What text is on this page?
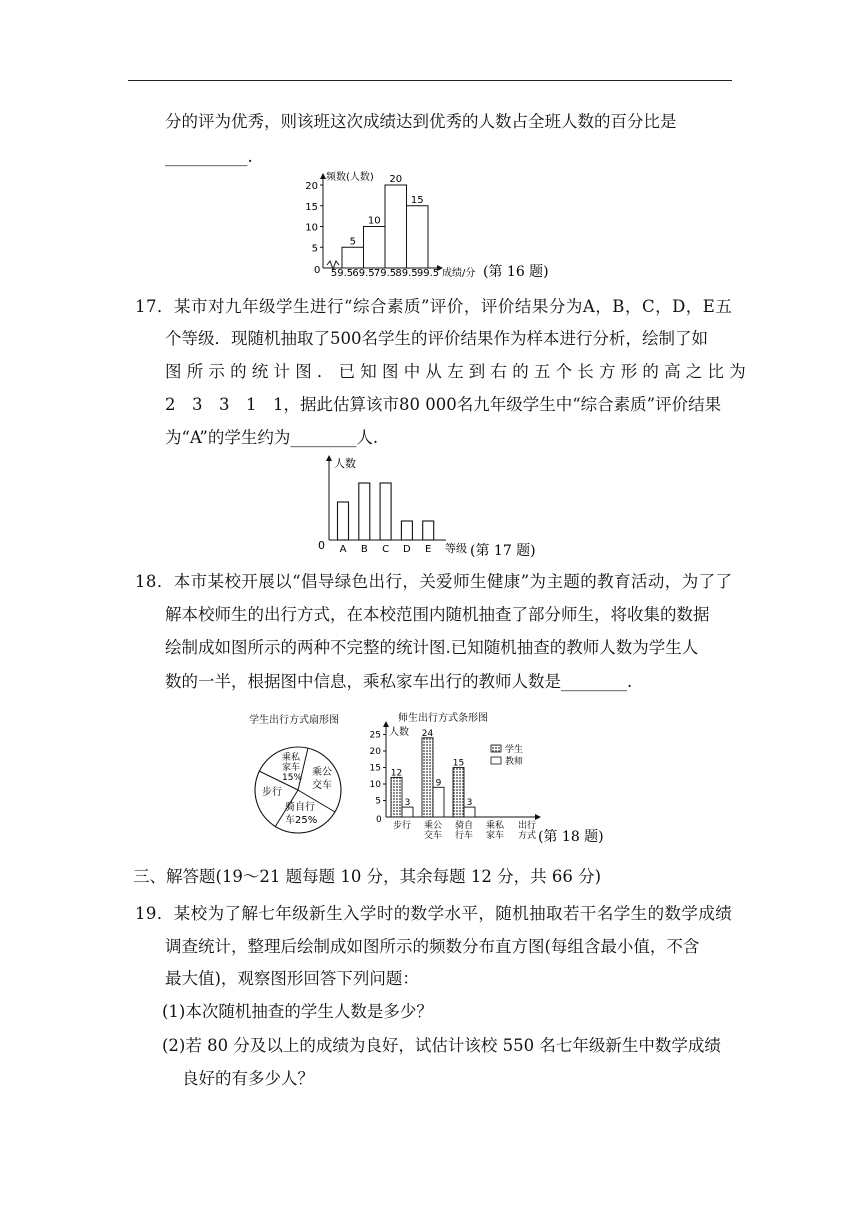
分的评为优秀，则该班这次成绩达到优秀的人数占全班人数的百分比是
__________.
频数(人数)
0
5
10
15
20
5
10
20
15
59.5 69.5 79.5 89.5 99.5 成绩/分 (第 16 题)
1 7 ． 某 市 对 九 年 级 学 生 进 行 “ 综 合 素 质 ” 评 价 ， 评 价 结 果 分 为 A ， B ， C ， D ， E 五
个等级．现随机抽取了500名学生的评价结果作为样本进行分析，绘制了如
图所示的统计图．已知图中从左到右的五个长方形的高之比为
2　3　3　1　1，据此估算该市80 000名九年级学生中“综合素质”评价结果
为“A”的学生约为________人.
人数
0 A B C D E 等级 (第 17 题)
1 8 ． 本 市 某 校 开 展 以 “ 倡 导 绿 色 出 行 ， 关 爱 师 生 健 康 ” 为 主 题 的 教 育 活 动 ， 为 了 了
解本校师生的出行方式，在本校范围内随机抽查了部分师生，将收集的数据
绘制成如图所示的两种不完整的统计图.已知随机抽查的教师人数为学生人
数的一半，根据图中信息，乘私家车出行的教师人数是________.
学生出行方式扇形图
乘公
交车
乘私
家车
15%
步行
骑自行
车25%
师生出行方式条形图
人数
0
5
10
15
20
25
12
3
24
9
15
3
步行 乘公交车
骑自行车
乘私家车
出行
方式
学生
教师
(第 18 题)
三、解答题(19～21 题每题 10 分，其余每题 12 分，共 66 分)
1 9 ． 某 校 为 了 解 七 年 级 新 生 入 学 时 的 数 学 水 平 ， 随 机 抽 取 若 干 名 学 生 的 数 学 成 绩
调查统计，整理后绘制成如图所示的频数分布直方图(每组含最小值，不含
最大值)，观察图形回答下列问题：
(1)本次随机抽查的学生人数是多少？
(2)若 80 分及以上的成绩为良好，试估计该校 550 名七年级新生中数学成绩
良好的有多少人？
